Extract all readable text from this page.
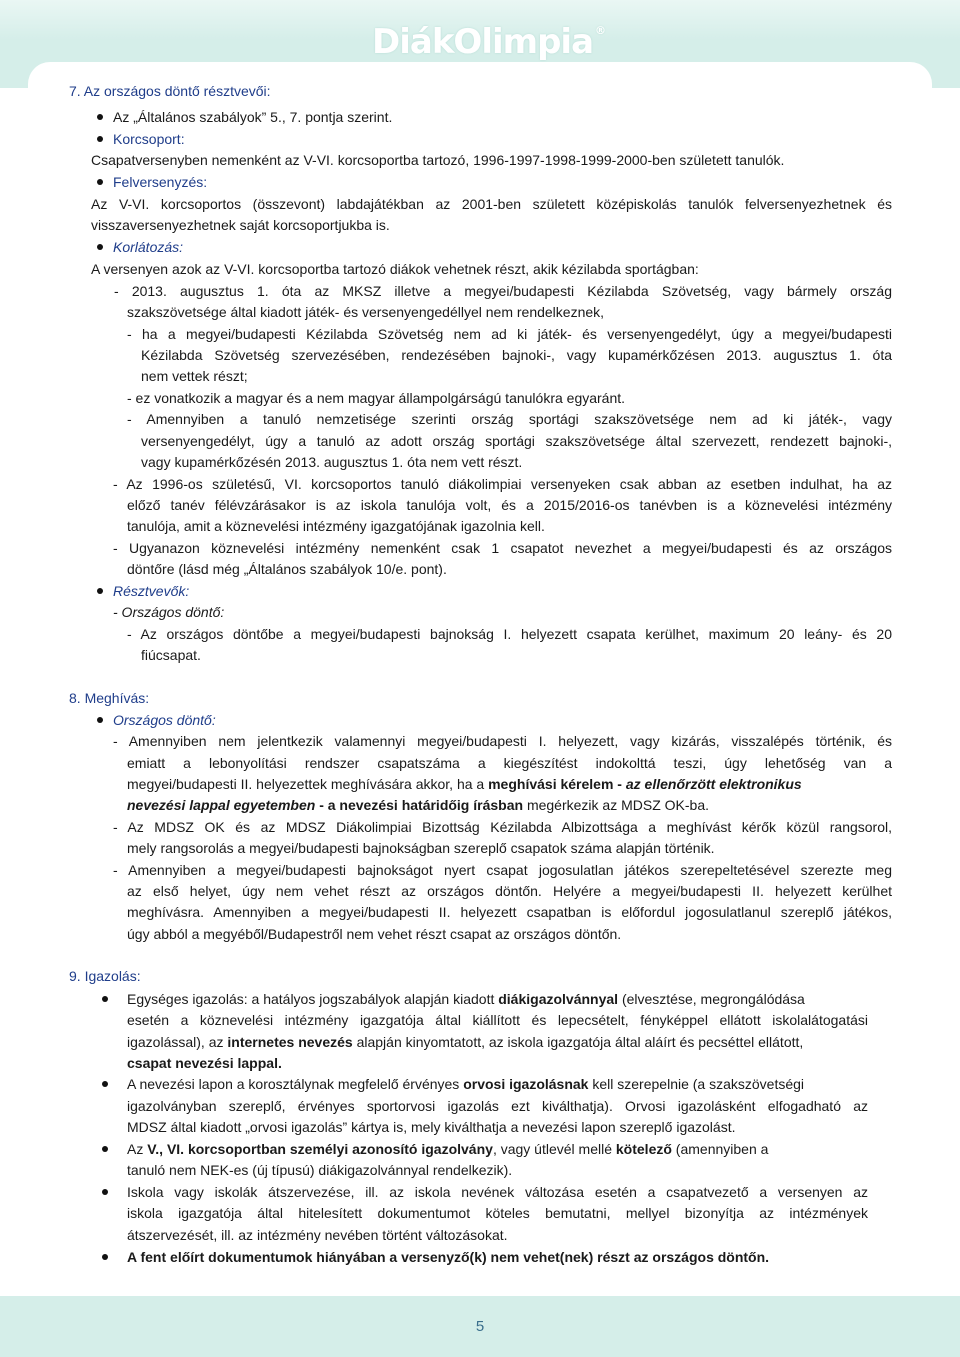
DiákOlimpia ®
5
7. Az országos döntő résztvevői:
Az „Általános szabályok” 5., 7. pontja szerint.
Korcsoport:
Csapatversenyben nemenként az V-VI. korcsoportba tartozó, 1996-1997-1998-1999-2000-ben született tanulók.
Felversenyzés:
Az V-VI. korcsoportos (összevont) labdajátékban az 2001-ben született középiskolás tanulók felversenyezhetnek és
visszaversenyezhetnek saját korcsoportjukba is.
Korlátozás:
A versenyen azok az V-VI. korcsoportba tartozó diákok vehetnek részt, akik kézilabda sportágban:
- 2013. augusztus 1. óta az MKSZ illetve a megyei/budapesti Kézilabda Szövetség, vagy bármely ország
szakszövetsége által kiadott játék- és versenyengedéllyel nem rendelkeznek,
- ha a megyei/budapesti Kézilabda Szövetség nem ad ki játék- és versenyengedélyt, úgy a megyei/budapesti
Kézilabda Szövetség szervezésében, rendezésében bajnoki-, vagy kupamérkőzésen 2013. augusztus 1. óta
nem vettek részt;
- ez vonatkozik a magyar és a nem magyar állampolgárságú tanulókra egyaránt.
- Amennyiben a tanuló nemzetisége szerinti ország sportági szakszövetsége nem ad ki játék-, vagy
versenyengedélyt, úgy a tanuló az adott ország sportági szakszövetsége által szervezett, rendezett bajnoki-,
vagy kupamérkőzésén 2013. augusztus 1. óta nem vett részt.
- Az 1996-os születésű, VI. korcsoportos tanuló diákolimpiai versenyeken csak abban az esetben indulhat, ha az
előző tanév félévzárásakor is az iskola tanulója volt, és a 2015/2016-os tanévben is a köznevelési intézmény
tanulója, amit a köznevelési intézmény igazgatójának igazolnia kell.
- Ugyanazon köznevelési intézmény nemenként csak 1 csapatot nevezhet a megyei/budapesti és az országos
döntőre (lásd még „Általános szabályok 10/e. pont).
Résztvevők:
- Országos döntő:
- Az országos döntőbe a megyei/budapesti bajnokság I. helyezett csapata kerülhet, maximum 20 leány- és 20
fiúcsapat.
8. Meghívás:
Országos döntő:
- Amennyiben nem jelentkezik valamennyi megyei/budapesti I. helyezett, vagy kizárás, visszalépés történik, és
emiatt a lebonyolítási rendszer csapatszáma a kiegészítést indokolttá teszi, úgy lehetőség van a
megyei/budapesti II. helyezettek meghívására akkor, ha a meghívási kérelem - az ellenőrzött elektronikus
nevezési lappal egyetemben - a nevezési határidőig írásban megérkezik az MDSZ OK-ba.
- Az MDSZ OK és az MDSZ Diákolimpiai Bizottság Kézilabda Albizottsága a meghívást kérők közül rangsorol,
mely rangsorolás a megyei/budapesti bajnokságban szereplő csapatok száma alapján történik.
- Amennyiben a megyei/budapesti bajnokságot nyert csapat jogosulatlan játékos szerepeltetésével szerezte meg
az első helyet, úgy nem vehet részt az országos döntőn. Helyére a megyei/budapesti II. helyezett kerülhet
meghívásra. Amennyiben a megyei/budapesti II. helyezett csapatban is előfordul jogosulatlanul szereplő játékos,
úgy abból a megyéből/Budapestről nem vehet részt csapat az országos döntőn.
9. Igazolás:
Egységes igazolás: a hatályos jogszabályok alapján kiadott diákigazolvánnyal (elvesztése, megrongálódása
esetén a köznevelési intézmény igazgatója által kiállított és lepecsételt, fényképpel ellátott iskolalátogatási
igazolással), az internetes nevezés alapján kinyomtatott, az iskola igazgatója által aláírt és pecséttel ellátott,
csapat nevezési lappal.
A nevezési lapon a korosztálynak megfelelő érvényes orvosi igazolásnak kell szerepelnie (a szakszövetségi
igazolványban szereplő, érvényes sportorvosi igazolás ezt kiválthatja). Orvosi igazolásként elfogadható az
MDSZ által kiadott „orvosi igazolás” kártya is, mely kiválthatja a nevezési lapon szereplő igazolást.
Az V., VI. korcsoportban személyi azonosító igazolvány, vagy útlevél mellé kötelező (amennyiben a
tanuló nem NEK-es (új típusú) diákigazolvánnyal rendelkezik).
Iskola vagy iskolák átszervezése, ill. az iskola nevének változása esetén a csapatvezető a versenyen az
iskola igazgatója által hitelesített dokumentumot köteles bemutatni, mellyel bizonyítja az intézmények
átszervezését, ill. az intézmény nevében történt változásokat.
A fent előírt dokumentumok hiányában a versenyző(k) nem vehet(nek) részt az országos döntőn.
